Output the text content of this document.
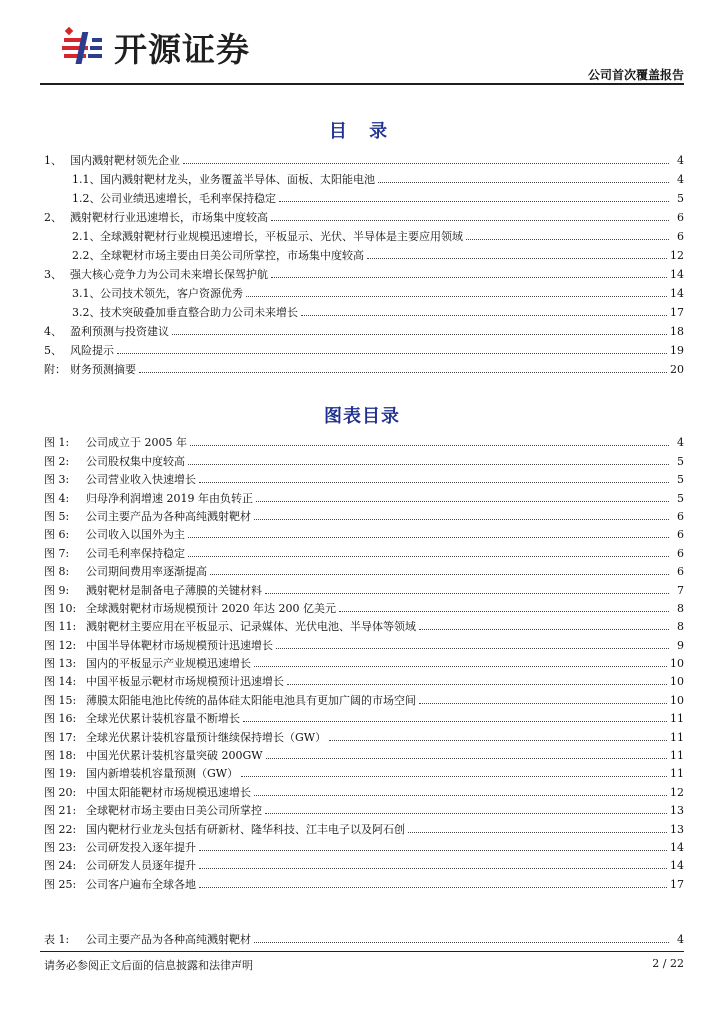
开源证券
公司首次覆盖报告
目 录
1、 国内溅射靶材领先企业	4
1.1、 国内溅射靶材龙头，业务覆盖半导体、面板、太阳能电池	4
1.2、 公司业绩迅速增长，毛利率保持稳定	5
2、 溅射靶材行业迅速增长，市场集中度较高	6
2.1、 全球溅射靶材行业规模迅速增长，平板显示、光伏、半导体是主要应用领域	6
2.2、 全球靶材市场主要由日美公司所掌控，市场集中度较高	12
3、 强大核心竞争力为公司未来增长保驾护航	14
3.1、 公司技术领先，客户资源优秀	14
3.2、 技术突破叠加垂直整合助力公司未来增长	17
4、 盈利预测与投资建议	18
5、 风险提示	19
附： 财务预测摘要	20
图表目录
图 1:	公司成立于 2005 年	4
图 2:	公司股权集中度较高	5
图 3:	公司营业收入快速增长	5
图 4:	归母净利润增速 2019 年由负转正	5
图 5:	公司主要产品为各种高纯溅射靶材	6
图 6:	公司收入以国外为主	6
图 7:	公司毛利率保持稳定	6
图 8:	公司期间费用率逐渐提高	6
图 9:	溅射靶材是制备电子薄膜的关键材料	7
图 10: 全球溅射靶材市场规模预计 2020 年达 200 亿美元	8
图 11: 溅射靶材主要应用在平板显示、记录媒体、光伏电池、半导体等领域	8
图 12: 中国半导体靶材市场规模预计迅速增长	9
图 13: 国内的平板显示产业规模迅速增长	10
图 14: 中国平板显示靶材市场规模预计迅速增长	10
图 15: 薄膜太阳能电池比传统的晶体硅太阳能电池具有更加广阔的市场空间	10
图 16: 全球光伏累计装机容量不断增长	11
图 17: 全球光伏累计装机容量预计继续保持增长（GW）	11
图 18: 中国光伏累计装机容量突破 200GW	11
图 19: 国内新增装机容量预测（GW）	11
图 20: 中国太阳能靶材市场规模迅速增长	12
图 21: 全球靶材市场主要由日美公司所掌控	13
图 22: 国内靶材行业龙头包括有研新材、隆华科技、江丰电子以及阿石创	13
图 23: 公司研发投入逐年提升	14
图 24: 公司研发人员逐年提升	14
图 25: 公司客户遍布全球各地	17
表 1:	公司主要产品为各种高纯溅射靶材	4
请务必参阅正文后面的信息披露和法律声明	2 / 22
